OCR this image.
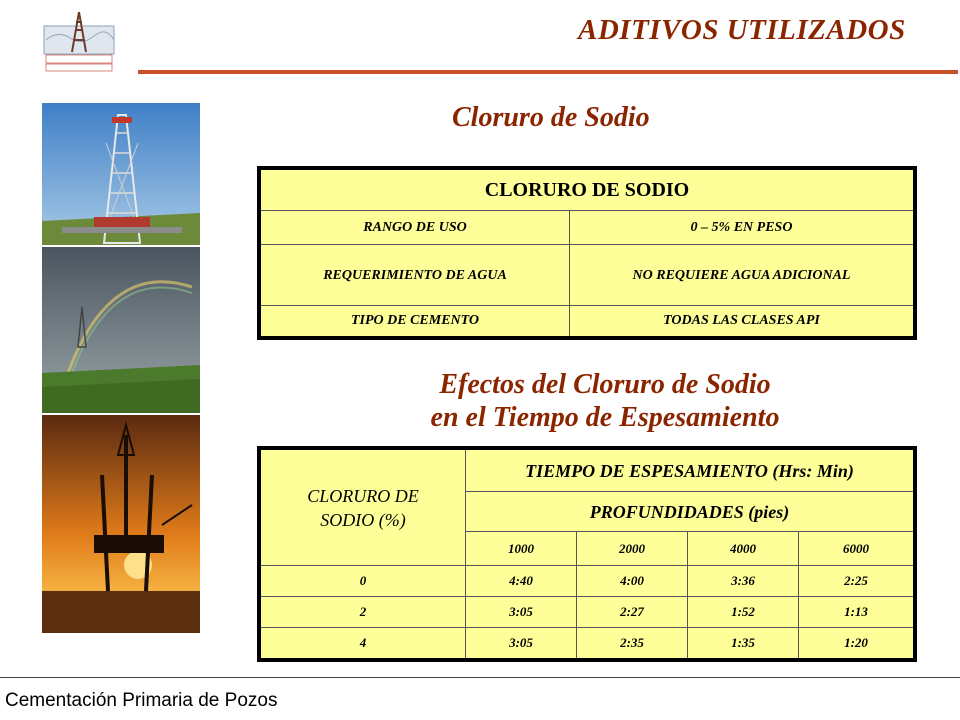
ADITIVOS UTILIZADOS
Cloruro de Sodio
CLORURO DE SODIO	
RANGO DE USO	0 – 5% EN PESO
REQUERIMIENTO DE AGUA	NO REQUIERE AGUA ADICIONAL
TIPO DE CEMENTO	TODAS LAS CLASES API
Efectos del Cloruro de Sodio
en el Tiempo de Espesamiento
CLORURO DE SODIO (%)	TIEMPO DE ESPESAMIENTO (Hrs: Min)			
	PROFUNDIDADES (pies)			
	1000	2000	4000	6000
0	4:40	4:00	3:36	2:25
2	3:05	2:27	1:52	1:13
4	3:05	2:35	1:35	1:20
Cementación Primaria de Pozos
